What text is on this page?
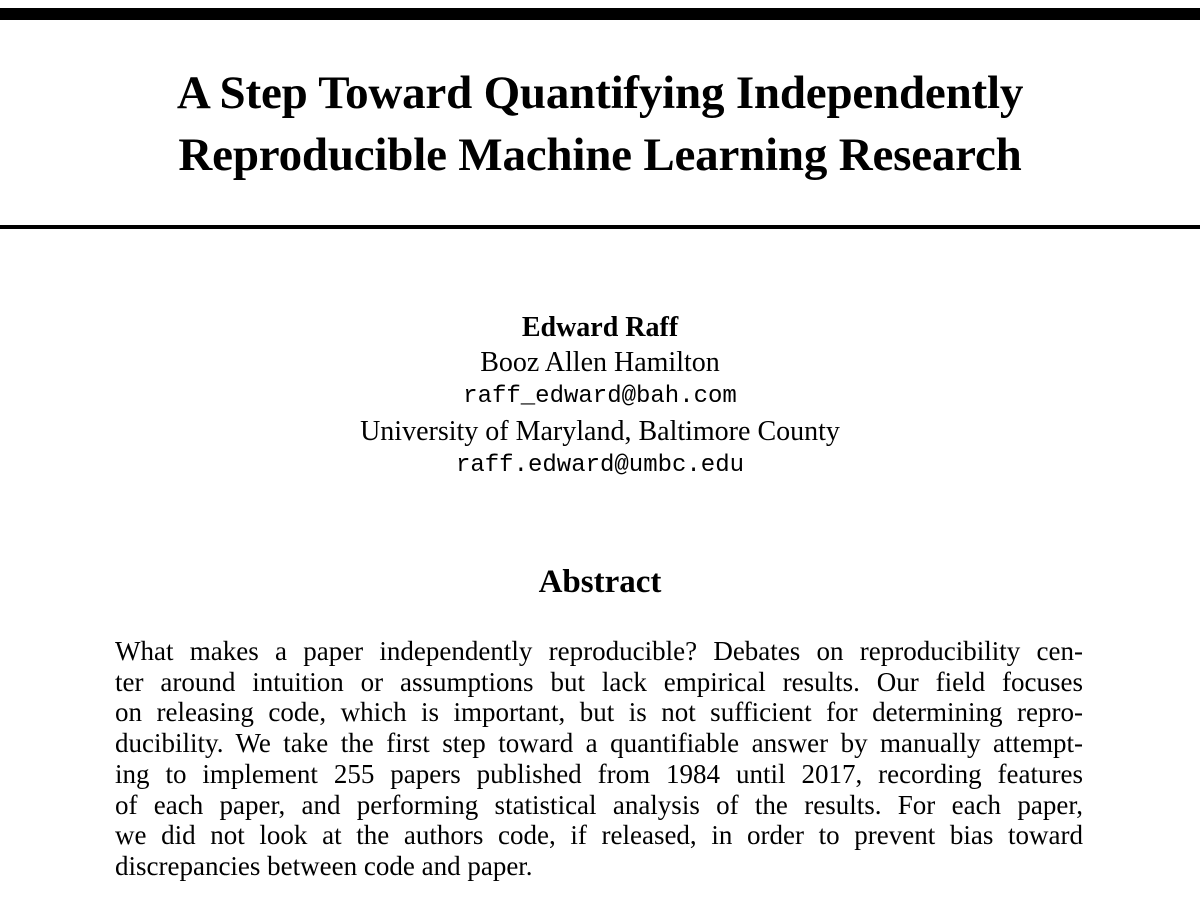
A Step Toward Quantifying Independently
Reproducible Machine Learning Research
Edward Raff
Booz Allen Hamilton
raff_edward@bah.com
University of Maryland, Baltimore County
raff.edward@umbc.edu
Abstract
What makes a paper independently reproducible? Debates on reproducibility cen-
ter around intuition or assumptions but lack empirical results. Our field focuses
on releasing code, which is important, but is not sufficient for determining repro-
ducibility. We take the first step toward a quantifiable answer by manually attempt-
ing to implement 255 papers published from 1984 until 2017, recording features
of each paper, and performing statistical analysis of the results. For each paper,
we did not look at the authors code, if released, in order to prevent bias toward
discrepancies between code and paper.
